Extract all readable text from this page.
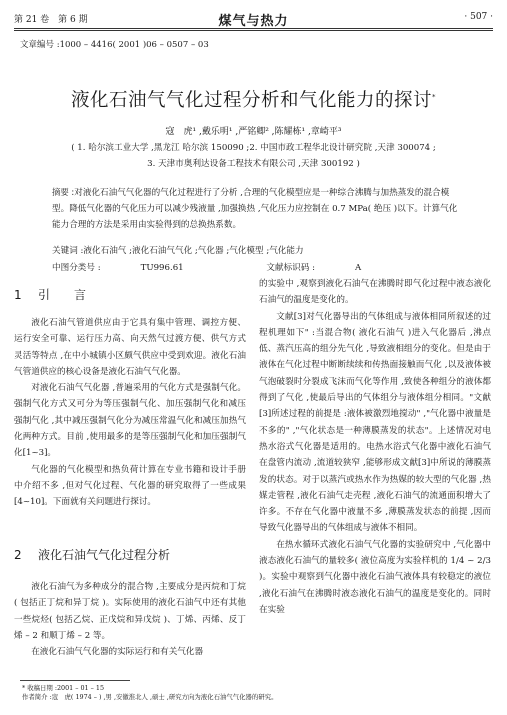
第 21 卷　第 6 期	煤气与热力	· 507 ·
文章编号 :1000 – 4416( 2001 )06 – 0507 – 03
液化石油气气化过程分析和气化能力的探讨*
寇　虎¹ ,戴乐明¹ ,严铭卿² ,陈耀栋¹ ,章崎平³
( 1. 哈尔滨工业大学 ,黑龙江 哈尔滨 150090 ;2. 中国市政工程华北设计研究院 ,天津 300074 ;
3. 天津市奥利达设备工程技术有限公司 ,天津 300192 )
摘要 :对液化石油气气化器的气化过程进行了分析 ,合理的气化模型应是一种综合沸腾与加热蒸发的混合模型。降低气化器的气化压力可以减少残液量 ,加强换热 ,气化压力应控制在 0.7 MPa( 绝压 )以下。计算气化能力合理的方法是采用由实验得到的总换热系数。
关键词 :液化石油气 ;液化石油气气化 ;气化器 ;气化模型 ;气化能力
中图分类号 :	TU996.61	文献标识码 :	A
1 引　　言

液化石油气管道供应由于它具有集中管理、调控方便、运行安全可靠、运行压力高、向天然气过渡方便、供气方式灵活等特点 ,在中小城镇小区颇气供应中受到欢迎。液化石油气管道供应的核心设备是液化石油气气化器。

对液化石油气气化器 ,普遍采用的气化方式是强制气化。强制气化方式又可分为等压强制气化、加压强制气化和减压强制气化 ,其中减压强制气化分为减压常温气化和减压加热气化两种方式。目前 ,使用最多的是等压强制气化和加压强制气化[1~3]。

气化器的气化模型和热负荷计算在专业书籍和设计手册中介绍不多 ,但对气化过程、气化器的研究取得了一些成果[4~10]。下面就有关问题进行探讨。

2 液化石油气气化过程分析

液化石油气为多种成分的混合物 ,主要成分是丙烷和丁烷( 包括正丁烷和异丁烷 )。实际使用的液化石油气中还有其他一些烷烃( 包括乙烷、正戊烷和异戊烷 )、丁烯、丙烯、反丁烯 – 2 和顺丁烯 – 2 等。

在液化石油气气化器的实际运行和有关气化器

的实验中 ,观察到液化石油气在沸腾时即气化过程中液态液化石油气的温度是变化的。

文献[3]对气化器导出的气体组成与液体相同所叙述的过程机理如下" :当混合物( 液化石油气 )进入气化器后 ,沸点低、蒸汽压高的组分先气化 ,导致液相组分的变化。但是由于液体在气化过程中断断续续和传热面接触而气化 ,以及液体被气泡破裂时分裂成飞沫而气化等作用 ,致使各种组分的液体都得到了气化 ,使最后导出的气体组分与液体组分相同。"文献[3]所述过程的前提是 :液体被激烈地搅动" ,"气化器中液量是不多的" ,"气化状态是一种薄膜蒸发的状态"。上述情况对电热水浴式气化器是适用的。电热水浴式气化器中液化石油气在盘管内流动 ,流道较狭窄 ,能够形成文献[3]中所说的薄膜蒸发的状态。对于以蒸汽或热水作为热媒的较大型的气化器 ,热媒走管程 ,液化石油气走壳程 ,液化石油气的流通面积增大了许多。不存在气化器中液量不多 ,薄膜蒸发状态的前提 ,因而导致气化器导出的气体组成与液体不相同。

在热水循环式液化石油气气化器的实验研究中 ,气化器中液态液化石油气的量较多( 液位高度为实验样机的 1/4 ~ 2/3 )。实验中观察到气化器中液化石油气液体具有较稳定的液位 ,液化石油气在沸腾时液态液化石油气的温度是变化的。同时在实验

* 收稿日期 :2001 – 01 – 15
作者简介 :寇　虎( 1974 – ) ,男 ,安徽淮北人 ,硕士 ,研究方向为液化石油气气化器的研究。
